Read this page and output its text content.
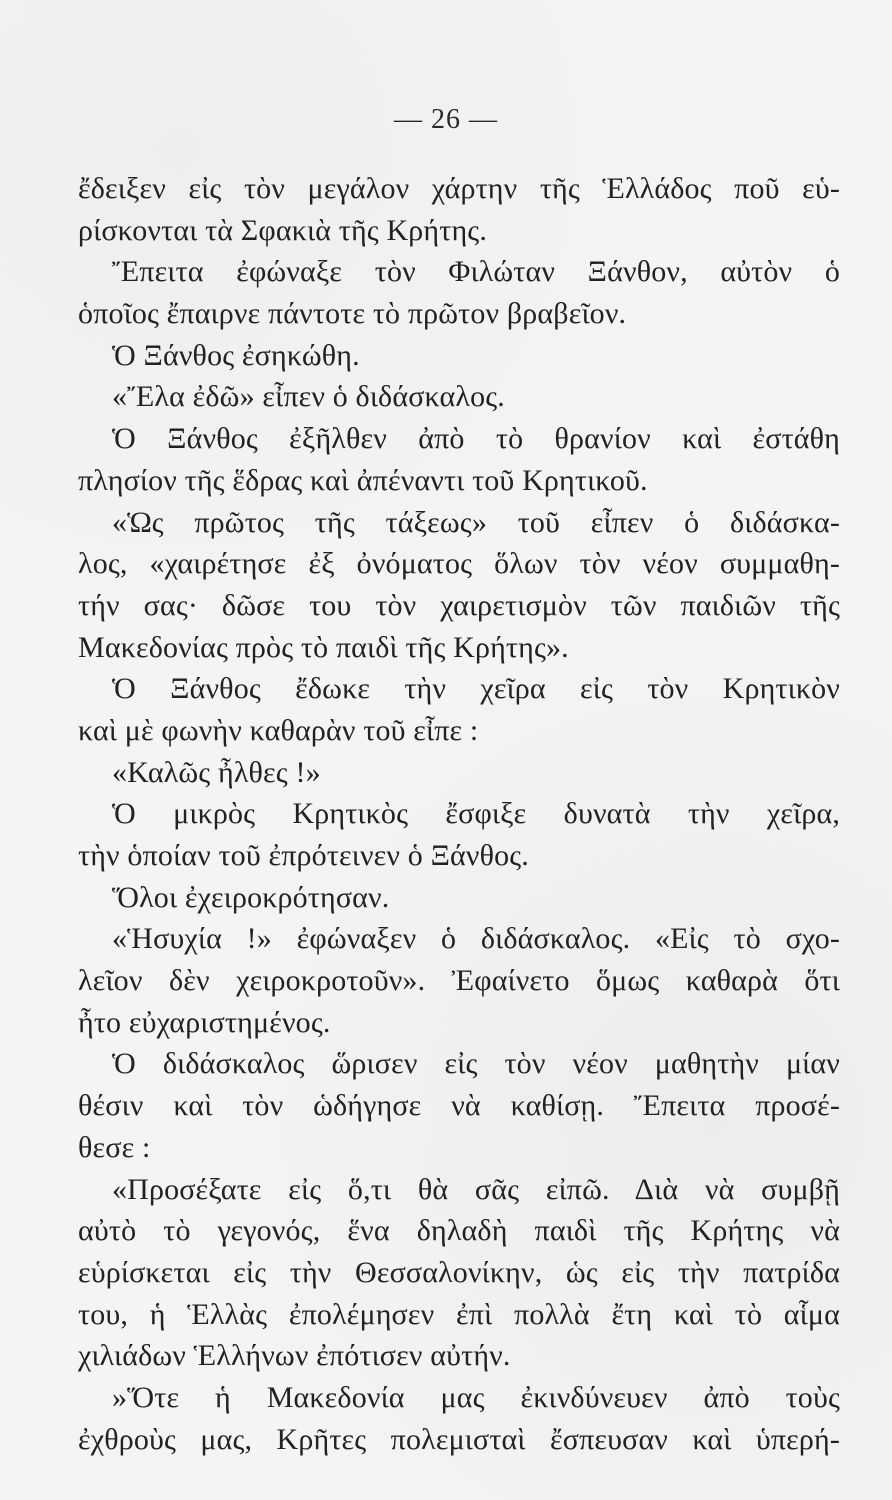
— 26 —
ἔδειξεν εἰς τὸν μεγάλον χάρτην τῆς Ἑλλάδος ποῦ εὑ-
ρίσκονται τὰ Σφακιὰ τῆς Κρήτης.
Ἔπειτα ἐφώναξε τὸν Φιλώταν Ξάνθον, αὐτὸν ὁ
ὁποῖος ἔπαιρνε πάντοτε τὸ πρῶτον βραβεῖον.
Ὁ Ξάνθος ἐσηκώθη.
«Ἔλα ἐδῶ» εἶπεν ὁ διδάσκαλος.
Ὁ Ξάνθος ἐξῆλθεν ἀπὸ τὸ θρανίον καὶ ἐστάθη
πλησίον τῆς ἕδρας καὶ ἀπέναντι τοῦ Κρητικοῦ.
«Ὡς πρῶτος τῆς τάξεως» τοῦ εἶπεν ὁ διδάσκα-
λος, «χαιρέτησε ἐξ ὀνόματος ὅλων τὸν νέον συμμαθη-
τήν σας· δῶσε του τὸν χαιρετισμὸν τῶν παιδιῶν τῆς
Μακεδονίας πρὸς τὸ παιδὶ τῆς Κρήτης».
Ὁ Ξάνθος ἔδωκε τὴν χεῖρα εἰς τὸν Κρητικὸν
καὶ μὲ φωνὴν καθαρὰν τοῦ εἶπε :
«Καλῶς ἦλθες !»
Ὁ μικρὸς Κρητικὸς ἔσφιξε δυνατὰ τὴν χεῖρα,
τὴν ὁποίαν τοῦ ἐπρότεινεν ὁ Ξάνθος.
Ὅλοι ἐχειροκρότησαν.
«Ἡσυχία !» ἐφώναξεν ὁ διδάσκαλος. «Εἰς τὸ σχο-
λεῖον δὲν χειροκροτοῦν». Ἐφαίνετο ὅμως καθαρὰ ὅτι
ἦτο εὐχαριστημένος.
Ὁ διδάσκαλος ὥρισεν εἰς τὸν νέον μαθητὴν μίαν
θέσιν καὶ τὸν ὡδήγησε νὰ καθίσῃ. Ἔπειτα προσέ-
θεσε :
«Προσέξατε εἰς ὅ,τι θὰ σᾶς εἰπῶ. Διὰ νὰ συμβῇ
αὐτὸ τὸ γεγονός, ἕνα δηλαδὴ παιδὶ τῆς Κρήτης νὰ
εὑρίσκεται εἰς τὴν Θεσσαλονίκην, ὡς εἰς τὴν πατρίδα
του, ἡ Ἑλλὰς ἐπολέμησεν ἐπὶ πολλὰ ἔτη καὶ τὸ αἷμα
χιλιάδων Ἑλλήνων ἐπότισεν αὐτήν.
»Ὅτε ἡ Μακεδονία μας ἐκινδύνευεν ἀπὸ τοὺς
ἐχθροὺς μας, Κρῆτες πολεμισταὶ ἔσπευσαν καὶ ὑπερή-
